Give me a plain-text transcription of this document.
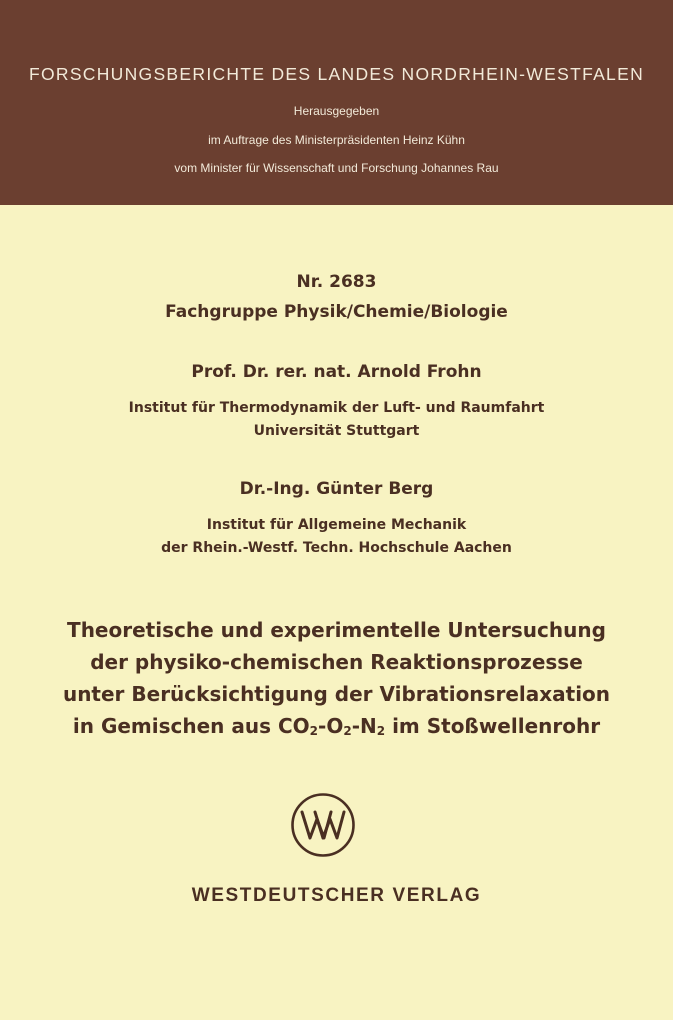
FORSCHUNGSBERICHTE DES LANDES NORDRHEIN-WESTFALEN
Herausgegeben
im Auftrage des Ministerpräsidenten Heinz Kühn
vom Minister für Wissenschaft und Forschung Johannes Rau
Nr. 2683
Fachgruppe Physik/Chemie/Biologie
Prof. Dr. rer. nat. Arnold Frohn
Institut für Thermodynamik der Luft- und Raumfahrt
Universität Stuttgart
Dr.-Ing. Günter Berg
Institut für Allgemeine Mechanik
der Rhein.-Westf. Techn. Hochschule Aachen
Theoretische und experimentelle Untersuchung
der physiko-chemischen Reaktionsprozesse
unter Berücksichtigung der Vibrationsrelaxation
in Gemischen aus CO2-O2-N2 im Stoßwellenrohr
WESTDEUTSCHER VERLAG
